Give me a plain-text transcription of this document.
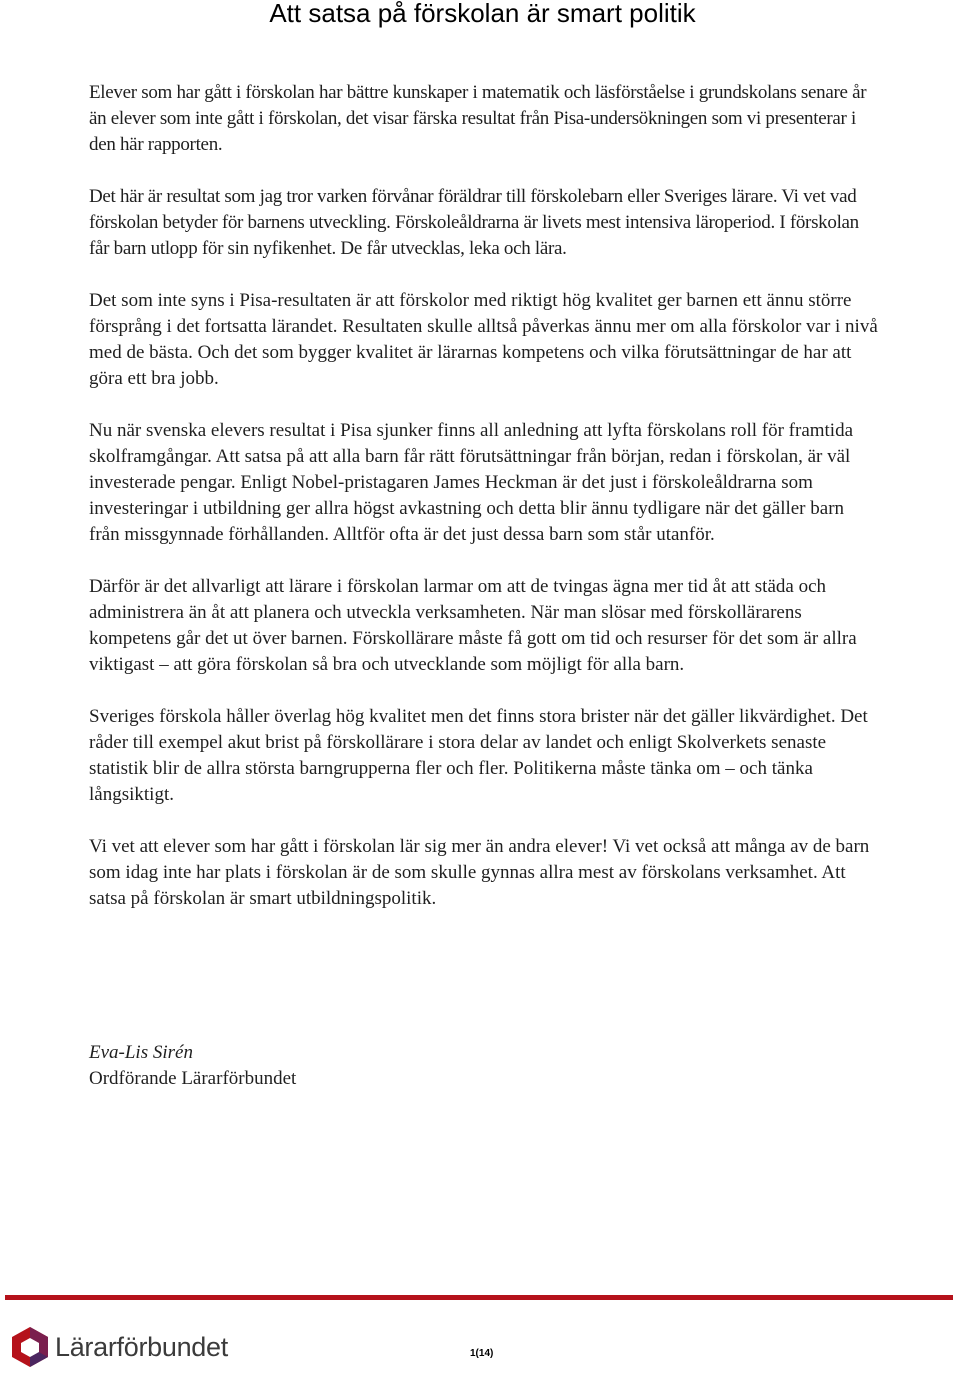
Att satsa på förskolan är smart politik

Elever som har gått i förskolan har bättre kunskaper i matematik och läsförståelse i grundskolans senare år än elever som inte gått i förskolan, det visar färska resultat från Pisa-undersökningen som vi presenterar i den här rapporten.

Det här är resultat som jag tror varken förvånar föräldrar till förskolebarn eller Sveriges lärare. Vi vet vad förskolan betyder för barnens utveckling. Förskoleåldrarna är livets mest intensiva läroperiod. I förskolan får barn utlopp för sin nyfikenhet. De får utvecklas, leka och lära.

Det som inte syns i Pisa-resultaten är att förskolor med riktigt hög kvalitet ger barnen ett ännu större försprång i det fortsatta lärandet. Resultaten skulle alltså påverkas ännu mer om alla förskolor var i nivå med de bästa. Och det som bygger kvalitet är lärarnas kompetens och vilka förutsättningar de har att göra ett bra jobb.

Nu när svenska elevers resultat i Pisa sjunker finns all anledning att lyfta förskolans roll för framtida skolframgångar. Att satsa på att alla barn får rätt förutsättningar från början, redan i förskolan, är väl investerade pengar. Enligt Nobel-pristagaren James Heckman är det just i förskoleåldrarna som investeringar i utbildning ger allra högst avkastning och detta blir ännu tydligare när det gäller barn från missgynnade förhållanden. Alltför ofta är det just dessa barn som står utanför.

Därför är det allvarligt att lärare i förskolan larmar om att de tvingas ägna mer tid åt att städa och administrera än åt att planera och utveckla verksamheten. När man slösar med förskollärarens kompetens går det ut över barnen. Förskollärare måste få gott om tid och resurser för det som är allra viktigast – att göra förskolan så bra och utvecklande som möjligt för alla barn.

Sveriges förskola håller överlag hög kvalitet men det finns stora brister när det gäller likvärdighet. Det råder till exempel akut brist på förskollärare i stora delar av landet och enligt Skolverkets senaste statistik blir de allra största barngrupperna fler och fler. Politikerna måste tänka om – och tänka långsiktigt.

Vi vet att elever som har gått i förskolan lär sig mer än andra elever! Vi vet också att många av de barn som idag inte har plats i förskolan är de som skulle gynnas allra mest av förskolans verksamhet. Att satsa på förskolan är smart utbildningspolitik.

Eva-Lis Sirén
Ordförande Lärarförbundet
Lärarförbundet	1(14)
